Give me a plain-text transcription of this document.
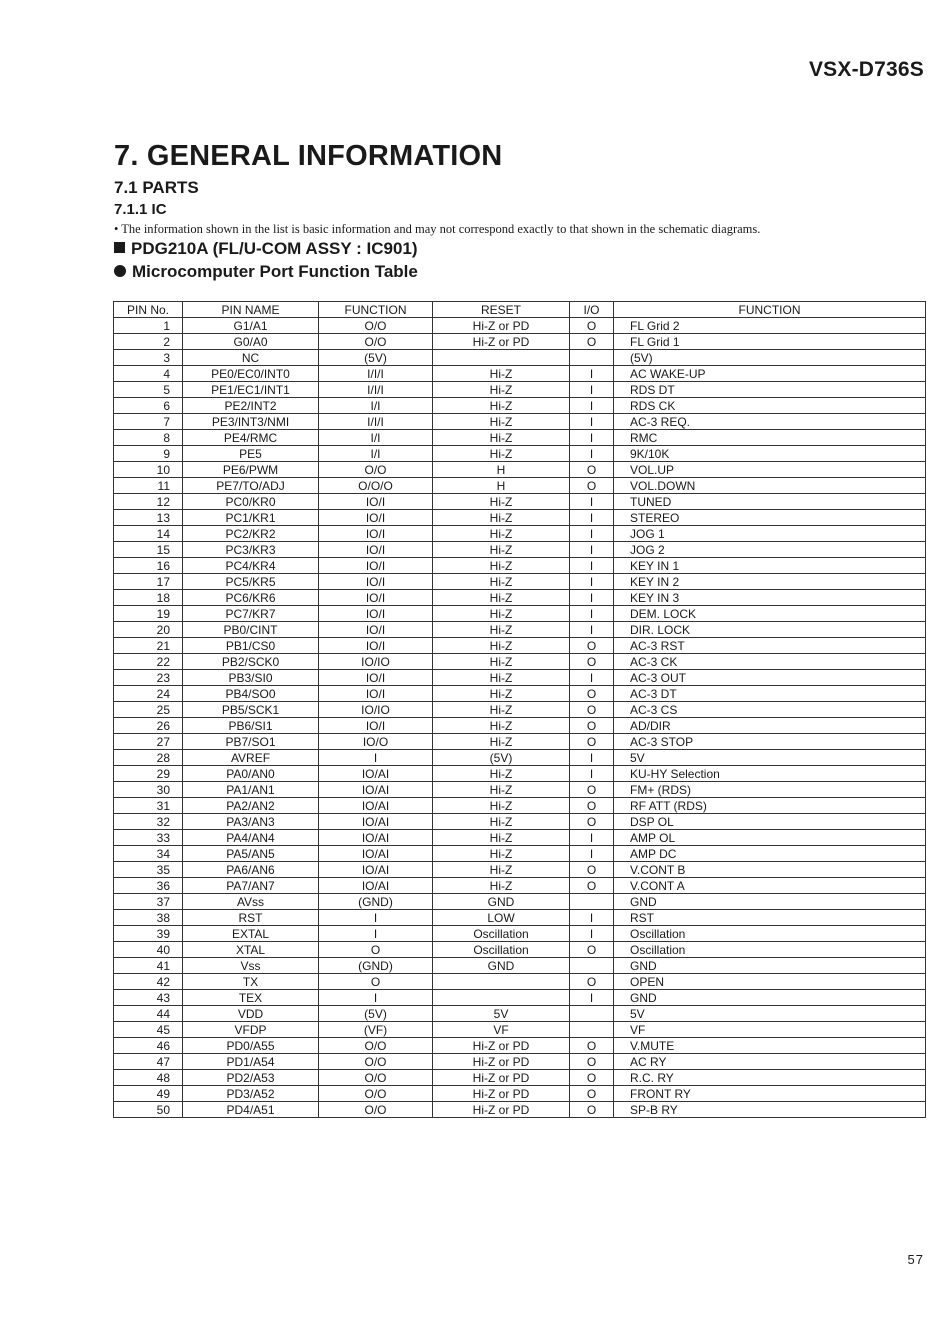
VSX-D736S
7. GENERAL INFORMATION
7.1 PARTS
7.1.1 IC
• The information shown in the list is basic information and may not correspond exactly to that shown in the schematic diagrams.
PDG210A (FL/U-COM ASSY : IC901)
Microcomputer Port Function Table
PIN No.	PIN NAME	FUNCTION	RESET	I/O	FUNCTION
1	G1/A1	O/O	Hi-Z or PD	O	FL Grid 2
2	G0/A0	O/O	Hi-Z or PD	O	FL Grid 1
3	NC	(5V)			(5V)
4	PE0/EC0/INT0	I/I/I	Hi-Z	I	AC WAKE-UP
5	PE1/EC1/INT1	I/I/I	Hi-Z	I	RDS DT
6	PE2/INT2	I/I	Hi-Z	I	RDS CK
7	PE3/INT3/NMI	I/I/I	Hi-Z	I	AC-3 REQ.
8	PE4/RMC	I/I	Hi-Z	I	RMC
9	PE5	I/I	Hi-Z	I	9K/10K
10	PE6/PWM	O/O	H	O	VOL.UP
11	PE7/TO/ADJ	O/O/O	H	O	VOL.DOWN
12	PC0/KR0	IO/I	Hi-Z	I	TUNED
13	PC1/KR1	IO/I	Hi-Z	I	STEREO
14	PC2/KR2	IO/I	Hi-Z	I	JOG 1
15	PC3/KR3	IO/I	Hi-Z	I	JOG 2
16	PC4/KR4	IO/I	Hi-Z	I	KEY IN 1
17	PC5/KR5	IO/I	Hi-Z	I	KEY IN 2
18	PC6/KR6	IO/I	Hi-Z	I	KEY IN 3
19	PC7/KR7	IO/I	Hi-Z	I	DEM. LOCK
20	PB0/CINT	IO/I	Hi-Z	I	DIR. LOCK
21	PB1/CS0	IO/I	Hi-Z	O	AC-3 RST
22	PB2/SCK0	IO/IO	Hi-Z	O	AC-3 CK
23	PB3/SI0	IO/I	Hi-Z	I	AC-3 OUT
24	PB4/SO0	IO/I	Hi-Z	O	AC-3 DT
25	PB5/SCK1	IO/IO	Hi-Z	O	AC-3 CS
26	PB6/SI1	IO/I	Hi-Z	O	AD/DIR
27	PB7/SO1	IO/O	Hi-Z	O	AC-3 STOP
28	AVREF	I	(5V)	I	5V
29	PA0/AN0	IO/AI	Hi-Z	I	KU-HY Selection
30	PA1/AN1	IO/AI	Hi-Z	O	FM+ (RDS)
31	PA2/AN2	IO/AI	Hi-Z	O	RF ATT (RDS)
32	PA3/AN3	IO/AI	Hi-Z	O	DSP OL
33	PA4/AN4	IO/AI	Hi-Z	I	AMP OL
34	PA5/AN5	IO/AI	Hi-Z	I	AMP DC
35	PA6/AN6	IO/AI	Hi-Z	O	V.CONT B
36	PA7/AN7	IO/AI	Hi-Z	O	V.CONT A
37	AVss	(GND)	GND		GND
38	RST	I	LOW	I	RST
39	EXTAL	I	Oscillation	I	Oscillation
40	XTAL	O	Oscillation	O	Oscillation
41	Vss	(GND)	GND		GND
42	TX	O		O	OPEN
43	TEX	I		I	GND
44	VDD	(5V)	5V		5V
45	VFDP	(VF)	VF		VF
46	PD0/A55	O/O	Hi-Z or PD	O	V.MUTE
47	PD1/A54	O/O	Hi-Z or PD	O	AC RY
48	PD2/A53	O/O	Hi-Z or PD	O	R.C. RY
49	PD3/A52	O/O	Hi-Z or PD	O	FRONT RY
50	PD4/A51	O/O	Hi-Z or PD	O	SP-B RY
57
